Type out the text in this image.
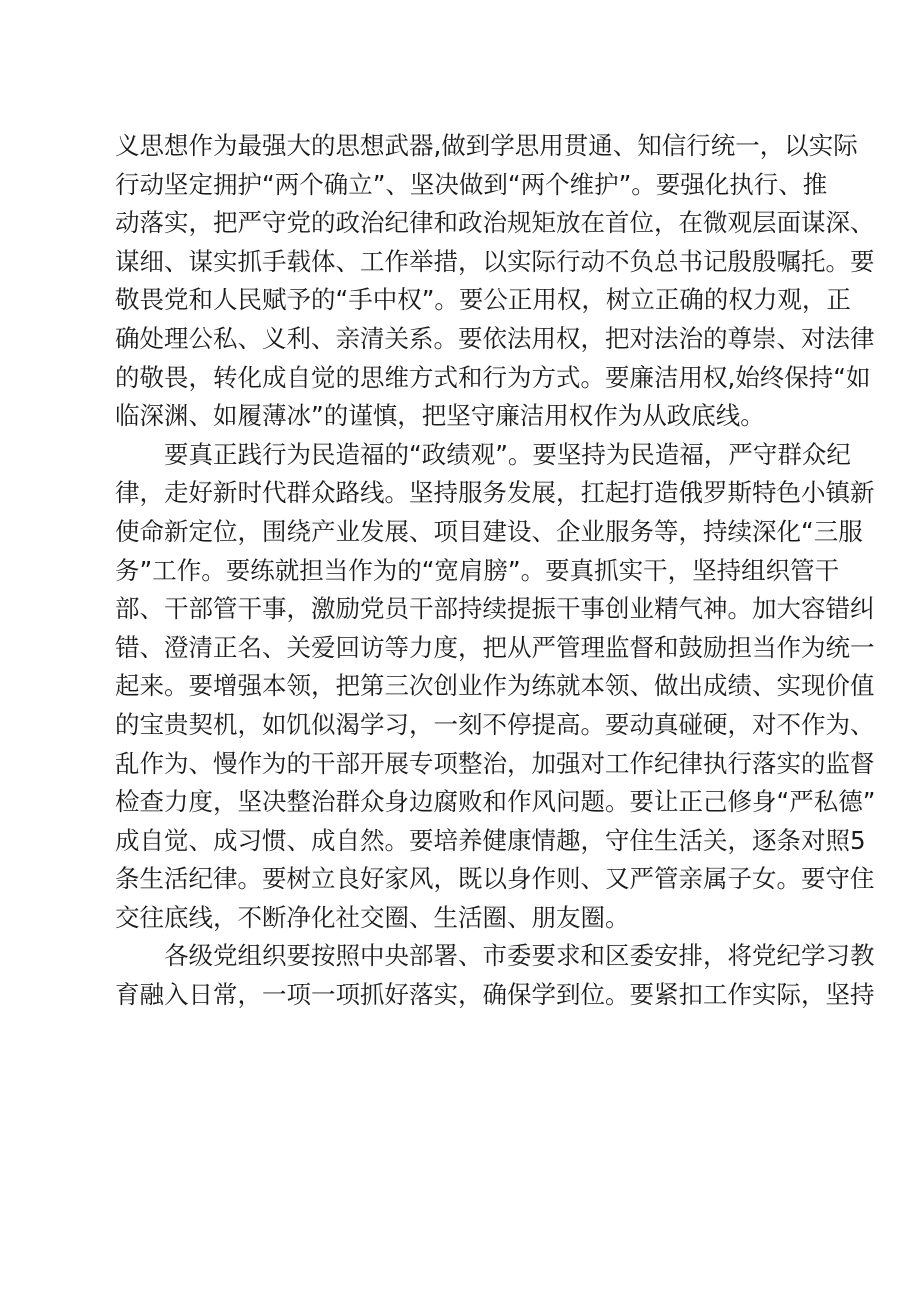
义思想作为最强大的思想武器,做到学思用贯通、知信行统一，以实际
行动坚定拥护“两个确立”、坚决做到“两个维护”。要强化执行、推
动落实，把严守党的政治纪律和政治规矩放在首位，在微观层面谋深、
谋细、谋实抓手载体、工作举措，以实际行动不负总书记殷殷嘱托。要
敬畏党和人民赋予的“手中权”。要公正用权，树立正确的权力观，正
确处理公私、义利、亲清关系。要依法用权，把对法治的尊崇、对法律
的敬畏，转化成自觉的思维方式和行为方式。要廉洁用权,始终保持“如
临深渊、如履薄冰”的谨慎，把坚守廉洁用权作为从政底线。
要真正践行为民造福的“政绩观”。要坚持为民造福，严守群众纪
律，走好新时代群众路线。坚持服务发展，扛起打造俄罗斯特色小镇新
使命新定位，围绕产业发展、项目建设、企业服务等，持续深化“三服
务”工作。要练就担当作为的“宽肩膀”。要真抓实干，坚持组织管干
部、干部管干事，激励党员干部持续提振干事创业精气神。加大容错纠
错、澄清正名、关爱回访等力度，把从严管理监督和鼓励担当作为统一
起来。要增强本领，把第三次创业作为练就本领、做出成绩、实现价值
的宝贵契机，如饥似渴学习，一刻不停提高。要动真碰硬，对不作为、
乱作为、慢作为的干部开展专项整治，加强对工作纪律执行落实的监督
检查力度，坚决整治群众身边腐败和作风问题。要让正己修身“严私德”
成自觉、成习惯、成自然。要培养健康情趣，守住生活关，逐条对照5
条生活纪律。要树立良好家风，既以身作则、又严管亲属子女。要守住
交往底线，不断净化社交圈、生活圈、朋友圈。
各级党组织要按照中央部署、市委要求和区委安排，将党纪学习教
育融入日常，一项一项抓好落实，确保学到位。要紧扣工作实际，坚持
